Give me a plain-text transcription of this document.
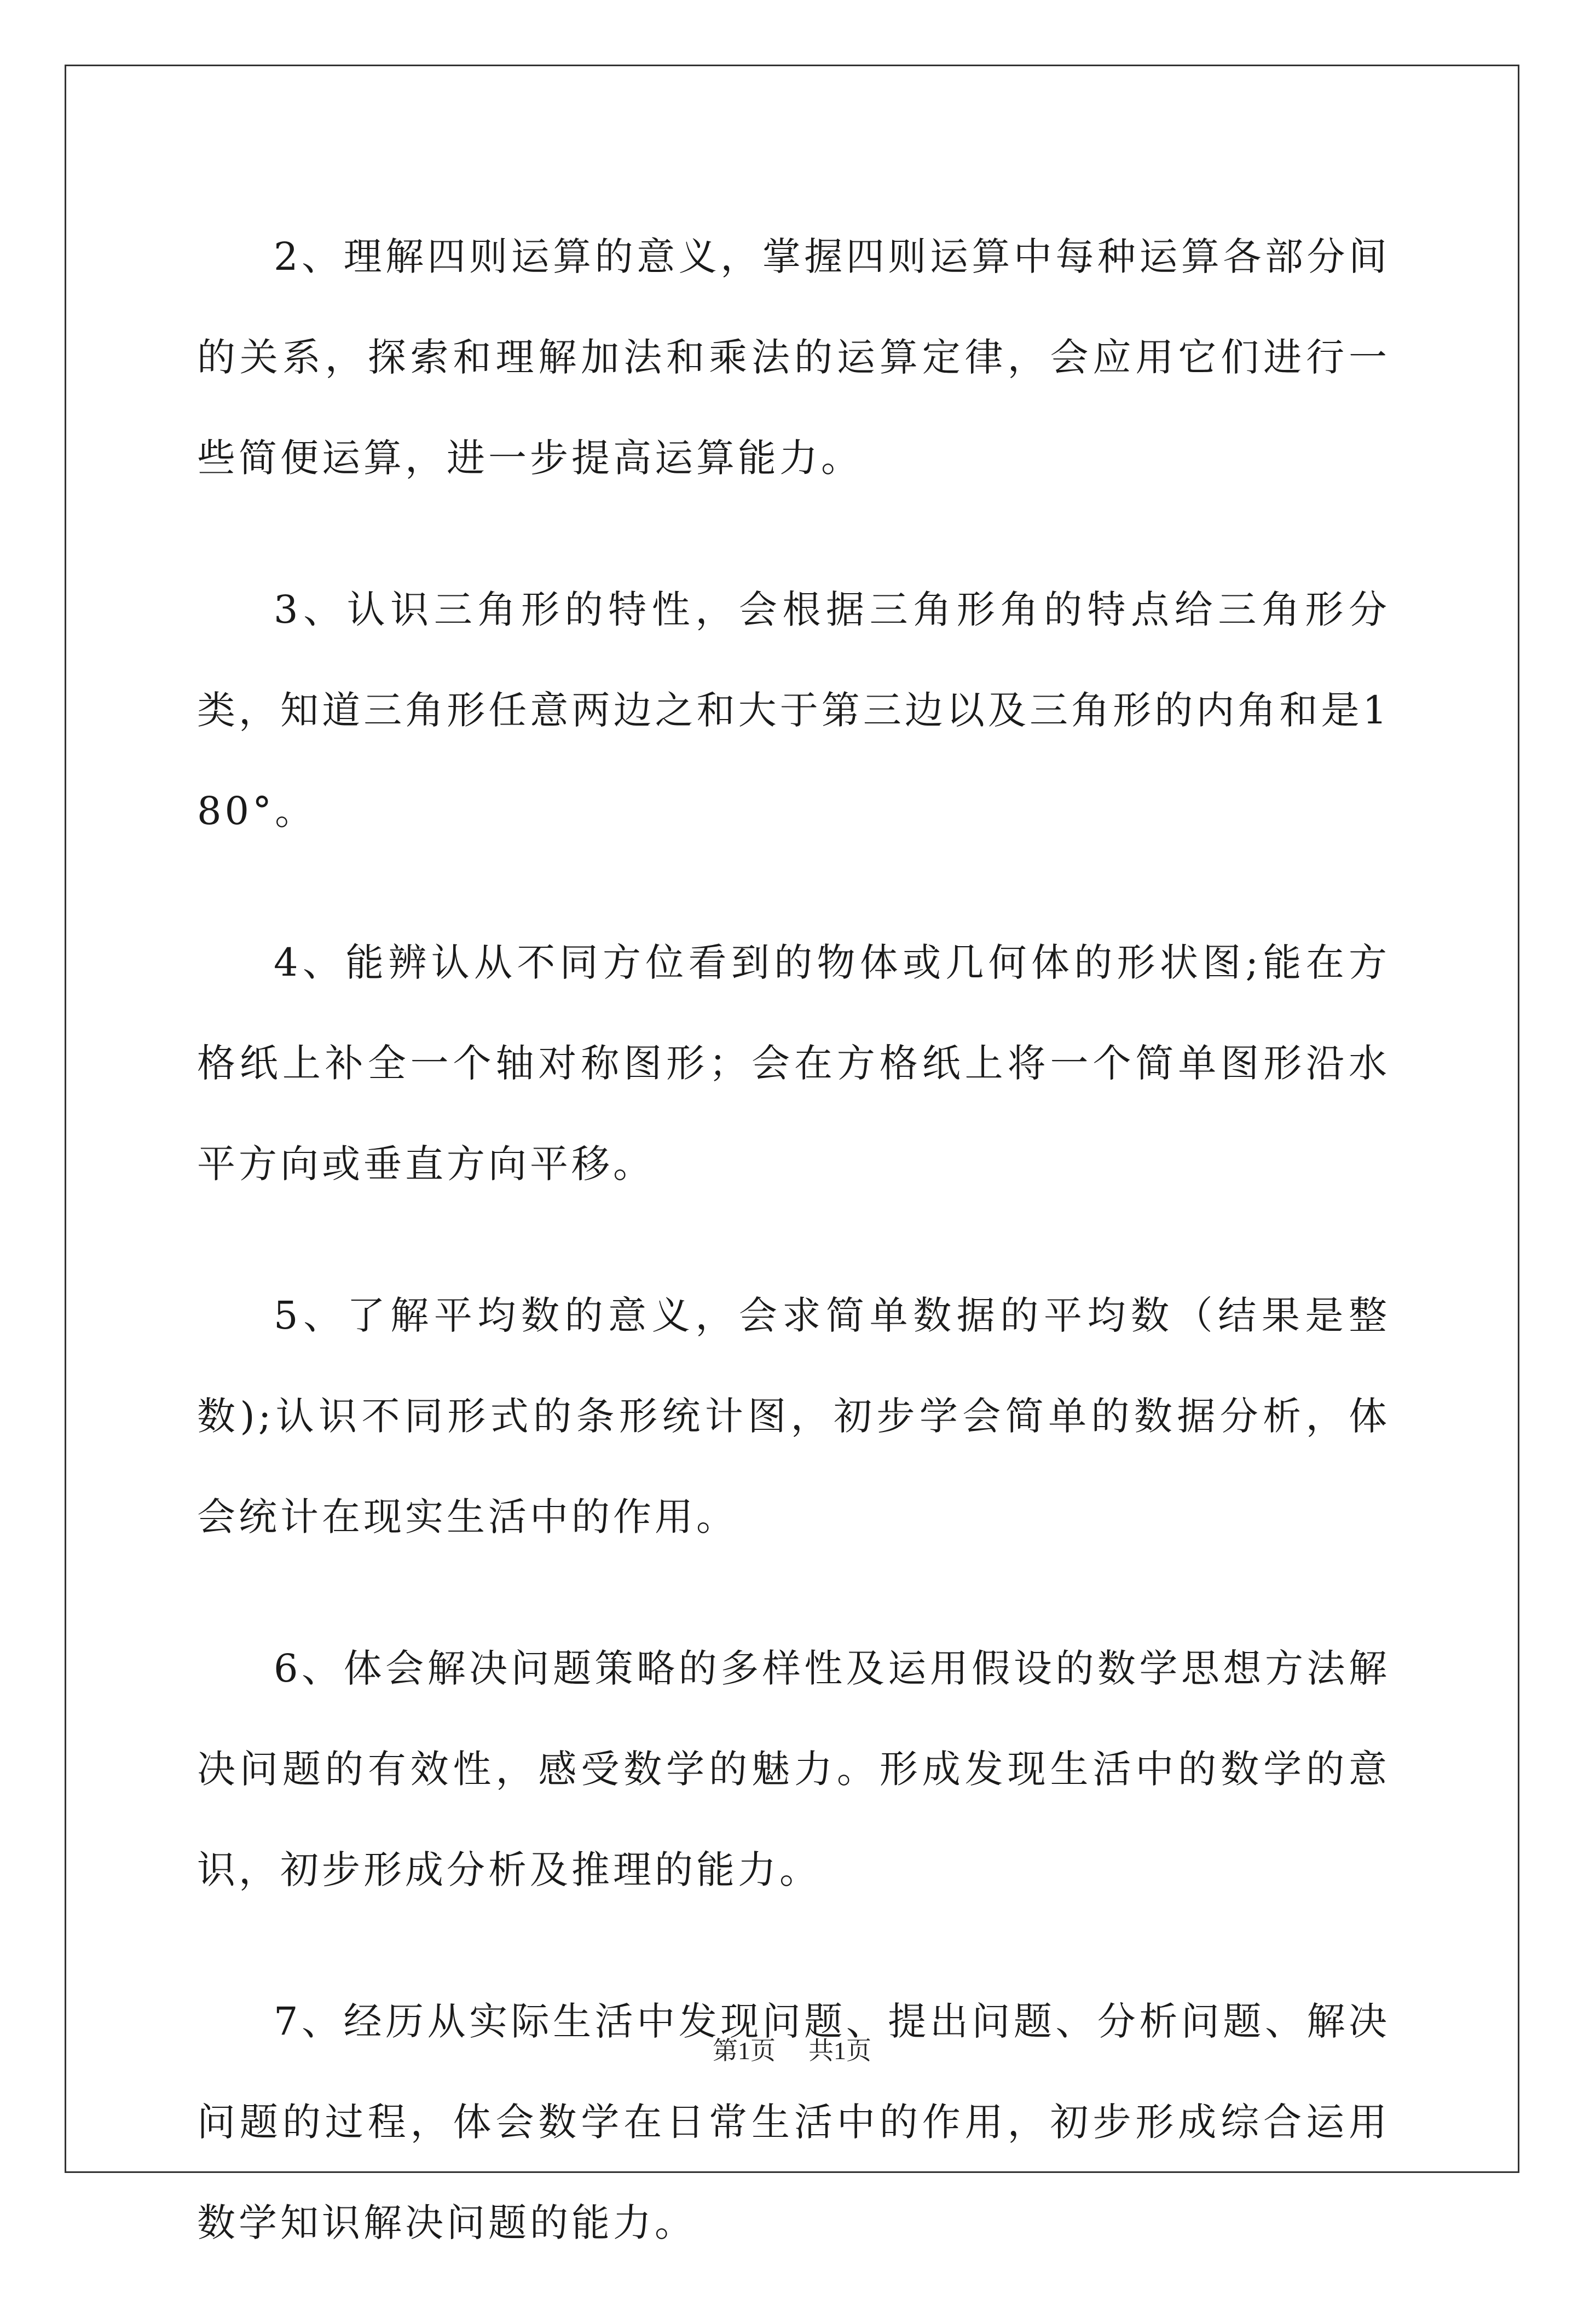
2、理解四则运算的意义，掌握四则运算中每种运算各部分间的关系，探索和理解加法和乘法的运算定律，会应用它们进行一些简便运算，进一步提高运算能力。

3、认识三角形的特性，会根据三角形角的特点给三角形分类，知道三角形任意两边之和大于第三边以及三角形的内角和是180°。

4、能辨认从不同方位看到的物体或几何体的形状图;能在方格纸上补全一个轴对称图形；会在方格纸上将一个简单图形沿水平方向或垂直方向平移。

5、了解平均数的意义，会求简单数据的平均数（结果是整数);认识不同形式的条形统计图，初步学会简单的数据分析，体会统计在现实生活中的作用。

6、体会解决问题策略的多样性及运用假设的数学思想方法解决问题的有效性，感受数学的魅力。形成发现生活中的数学的意识，初步形成分析及推理的能力。

7、经历从实际生活中发现问题、提出问题、分析问题、解决问题的过程，体会数学在日常生活中的作用，初步形成综合运用数学知识解决问题的能力。

第1页 共1页
